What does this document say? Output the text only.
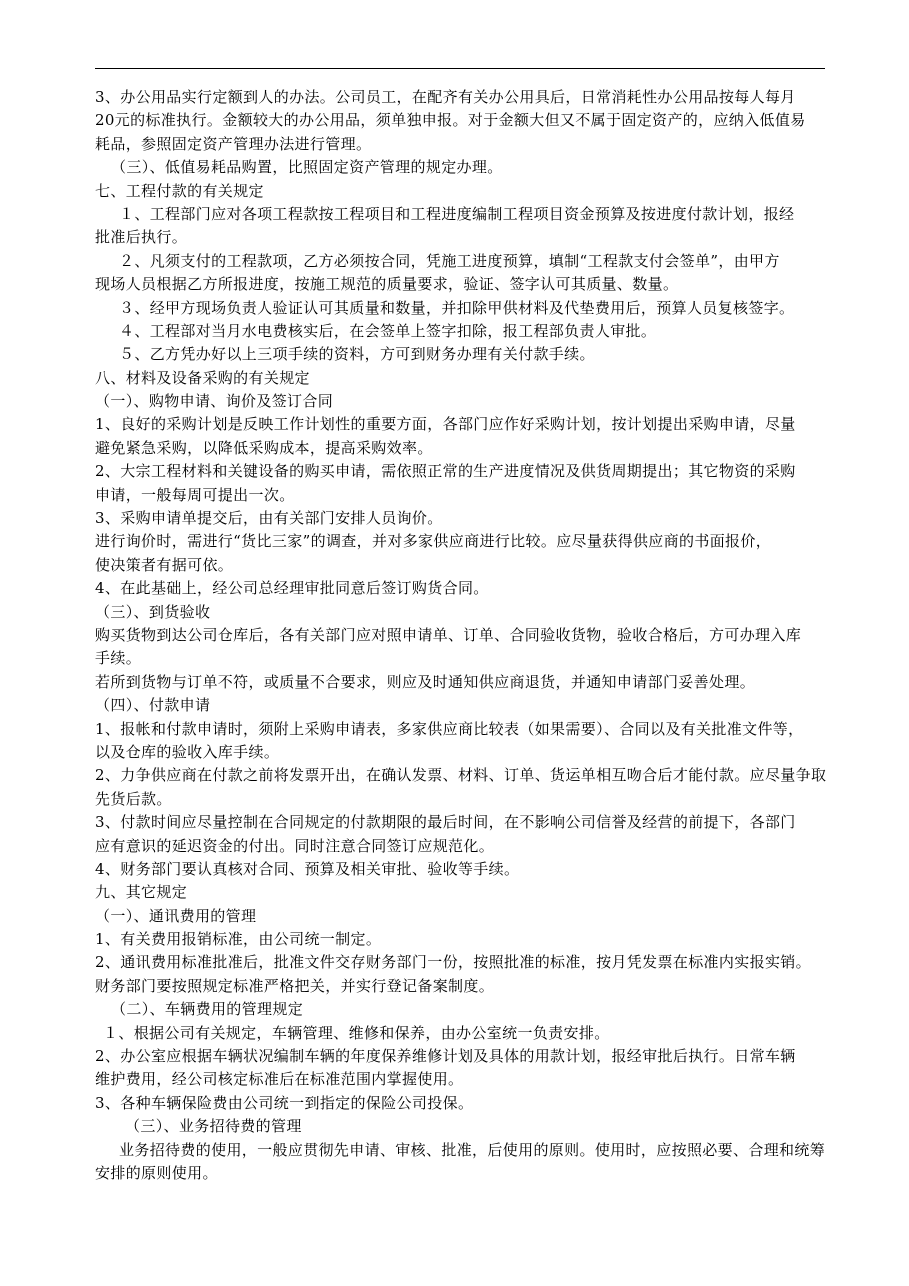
3、办公用品实行定额到人的办法。公司员工，在配齐有关办公用具后，日常消耗性办公用品按每人每月
20元的标准执行。金额较大的办公用品，须单独申报。对于金额大但又不属于固定资产的，应纳入低值易
耗品，参照固定资产管理办法进行管理。
（三）、低值易耗品购置，比照固定资产管理的规定办理。
七、工程付款的有关规定
１、工程部门应对各项工程款按工程项目和工程进度编制工程项目资金预算及按进度付款计划，报经
批准后执行。
２、凡须支付的工程款项，乙方必须按合同，凭施工进度预算，填制“工程款支付会签单”，由甲方
现场人员根据乙方所报进度，按施工规范的质量要求，验证、签字认可其质量、数量。
３、经甲方现场负责人验证认可其质量和数量，并扣除甲供材料及代垫费用后，预算人员复核签字。
４、工程部对当月水电费核实后，在会签单上签字扣除，报工程部负责人审批。
５、乙方凭办好以上三项手续的资料，方可到财务办理有关付款手续。
八、材料及设备采购的有关规定
（一）、购物申请、询价及签订合同
1、良好的采购计划是反映工作计划性的重要方面，各部门应作好采购计划，按计划提出采购申请，尽量
避免紧急采购，以降低采购成本，提高采购效率。
2、大宗工程材料和关键设备的购买申请，需依照正常的生产进度情况及供货周期提出；其它物资的采购
申请，一般每周可提出一次。
3、采购申请单提交后，由有关部门安排人员询价。
进行询价时，需进行“货比三家”的调查，并对多家供应商进行比较。应尽量获得供应商的书面报价，
使决策者有据可依。
4、在此基础上，经公司总经理审批同意后签订购货合同。
（三）、到货验收
购买货物到达公司仓库后，各有关部门应对照申请单、订单、合同验收货物，验收合格后，方可办理入库
手续。
若所到货物与订单不符，或质量不合要求，则应及时通知供应商退货，并通知申请部门妥善处理。
（四）、付款申请
1、报帐和付款申请时，须附上采购申请表，多家供应商比较表（如果需要）、合同以及有关批准文件等，
以及仓库的验收入库手续。
2、力争供应商在付款之前将发票开出，在确认发票、材料、订单、货运单相互吻合后才能付款。应尽量争取
先货后款。
3、付款时间应尽量控制在合同规定的付款期限的最后时间，在不影响公司信誉及经营的前提下，各部门
应有意识的延迟资金的付出。同时注意合同签订应规范化。
4、财务部门要认真核对合同、预算及相关审批、验收等手续。
九、其它规定
（一）、通讯费用的管理
1、有关费用报销标准，由公司统一制定。
2、通讯费用标准批准后，批准文件交存财务部门一份，按照批准的标准，按月凭发票在标准内实报实销。
财务部门要按照规定标准严格把关，并实行登记备案制度。
（二）、车辆费用的管理规定
１、根据公司有关规定，车辆管理、维修和保养，由办公室统一负责安排。
2、办公室应根据车辆状况编制车辆的年度保养维修计划及具体的用款计划，报经审批后执行。日常车辆
维护费用，经公司核定标准后在标准范围内掌握使用。
3、各种车辆保险费由公司统一到指定的保险公司投保。
（三）、业务招待费的管理
业务招待费的使用，一般应贯彻先申请、审核、批准，后使用的原则。使用时，应按照必要、合理和统筹
安排的原则使用。
